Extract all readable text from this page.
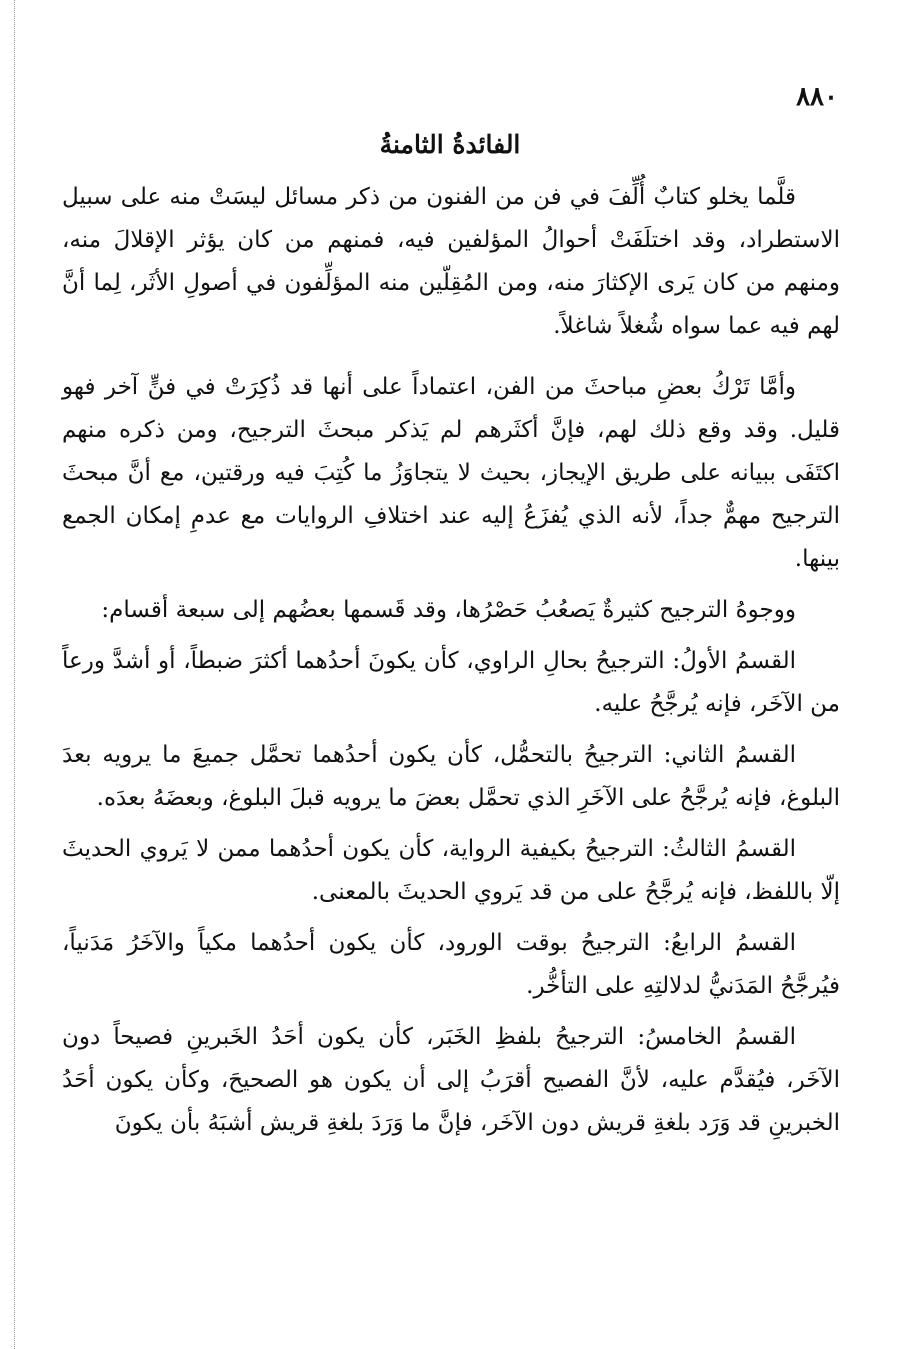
٨٨٠
الفائدةُ الثامنةُ

قلَّما يخلو كتابٌ أُلِّفَ في فن من الفنون من ذكر مسائل ليسَتْ منه على سبيل الاستطراد، وقد اختلَفَتْ أحوالُ المؤلفين فيه، فمنهم من كان يؤثر الإقلالَ منه، ومنهم من كان يَرى الإكثارَ منه، ومن المُقِلّين منه المؤلِّفون في أصولِ الأثَر، لِما أنَّ لهم فيه عما سواه شُغلاً شاغلاً.

وأمَّا تَرْكُ بعضِ مباحثَ من الفن، اعتماداً على أنها قد ذُكِرَتْ في فنٍّ آخر فهو قليل. وقد وقع ذلك لهم، فإنَّ أكثَرهم لم يَذكر مبحثَ الترجيح، ومن ذكره منهم اكتَفَى ببيانه على طريق الإيجاز، بحيث لا يتجاوَزُ ما كُتِبَ فيه ورقتين، مع أنَّ مبحثَ الترجيح مهمٌّ جداً، لأنه الذي يُفزَعُ إليه عند اختلافِ الروايات مع عدمِ إمكان الجمع بينها.

ووجوهُ الترجيح كثيرةٌ يَصعُبُ حَصْرُها، وقد قَسمها بعضُهم إلى سبعة أقسام:

القسمُ الأولُ: الترجيحُ بحالِ الراوي، كأن يكونَ أحدُهما أكثرَ ضبطاً، أو أشدَّ ورعاً من الآخَر، فإنه يُرجَّحُ عليه.

القسمُ الثاني: الترجيحُ بالتحمُّل، كأن يكون أحدُهما تحمَّل جميعَ ما يرويه بعدَ البلوغ، فإنه يُرجَّحُ على الآخَرِ الذي تحمَّل بعضَ ما يرويه قبلَ البلوغ، وبعضَهُ بعدَه.

القسمُ الثالثُ: الترجيحُ بكيفية الرواية، كأن يكون أحدُهما ممن لا يَروي الحديثَ إلّا باللفظ، فإنه يُرجَّحُ على من قد يَروي الحديثَ بالمعنى.

القسمُ الرابعُ: الترجيحُ بوقت الورود، كأن يكون أحدُهما مكياً والآخَرُ مَدَنياً، فيُرجَّحُ المَدَنيُّ لدلالتِهِ على التأخُّر.

القسمُ الخامسُ: الترجيحُ بلفظِ الخَبَر، كأن يكون أحَدُ الخَبرينِ فصيحاً دون الآخَر، فيُقدَّم عليه، لأنَّ الفصيح أقرَبُ إلى أن يكون هو الصحيحَ، وكأن يكون أحَدُ الخبرينِ قد وَرَد بلغةِ قريش دون الآخَر، فإنَّ ما وَرَدَ بلغةِ قريش أشبَهُ بأن يكونَ
